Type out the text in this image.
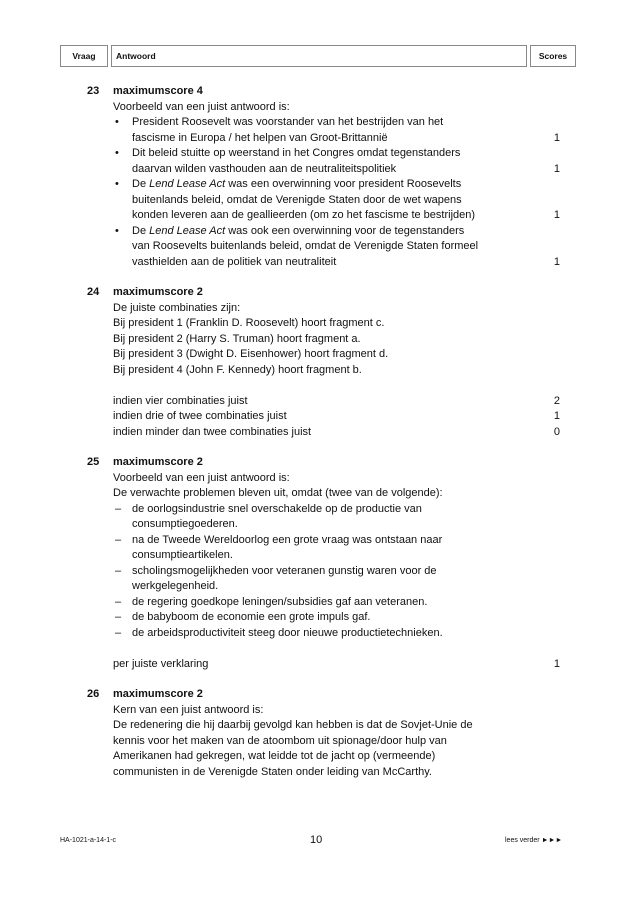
Vraag	Antwoord	Scores
23 maximumscore 4
Voorbeeld van een juist antwoord is:
• President Roosevelt was voorstander van het bestrijden van het
fascisme in Europa / het helpen van Groot-Brittannië	1
• Dit beleid stuitte op weerstand in het Congres omdat tegenstanders
daarvan wilden vasthouden aan de neutraliteitspolitiek	1
• De Lend Lease Act was een overwinning voor president Roosevelts
buitenlands beleid, omdat de Verenigde Staten door de wet wapens
konden leveren aan de geallieerden (om zo het fascisme te bestrijden)	1
• De Lend Lease Act was ook een overwinning voor de tegenstanders
van Roosevelts buitenlands beleid, omdat de Verenigde Staten formeel
vasthielden aan de politiek van neutraliteit	1
24 maximumscore 2
De juiste combinaties zijn:
Bij president 1 (Franklin D. Roosevelt) hoort fragment c.
Bij president 2 (Harry S. Truman) hoort fragment a.
Bij president 3 (Dwight D. Eisenhower) hoort fragment d.
Bij president 4 (John F. Kennedy) hoort fragment b.
indien vier combinaties juist	2
indien drie of twee combinaties juist	1
indien minder dan twee combinaties juist	0
25 maximumscore 2
Voorbeeld van een juist antwoord is:
De verwachte problemen bleven uit, omdat (twee van de volgende):
– de oorlogsindustrie snel overschakelde op de productie van
consumptiegoederen.
– na de Tweede Wereldoorlog een grote vraag was ontstaan naar
consumptieartikelen.
– scholingsmogelijkheden voor veteranen gunstig waren voor de
werkgelegenheid.
– de regering goedkope leningen/subsidies gaf aan veteranen.
– de babyboom de economie een grote impuls gaf.
– de arbeidsproductiviteit steeg door nieuwe productietechnieken.
per juiste verklaring	1
26 maximumscore 2
Kern van een juist antwoord is:
De redenering die hij daarbij gevolgd kan hebben is dat de Sovjet-Unie de
kennis voor het maken van de atoombom uit spionage/door hulp van
Amerikanen had gekregen, wat leidde tot de jacht op (vermeende)
communisten in de Verenigde Staten onder leiding van McCarthy.
HA-1021-a-14-1-c	10	lees verder ►►►
